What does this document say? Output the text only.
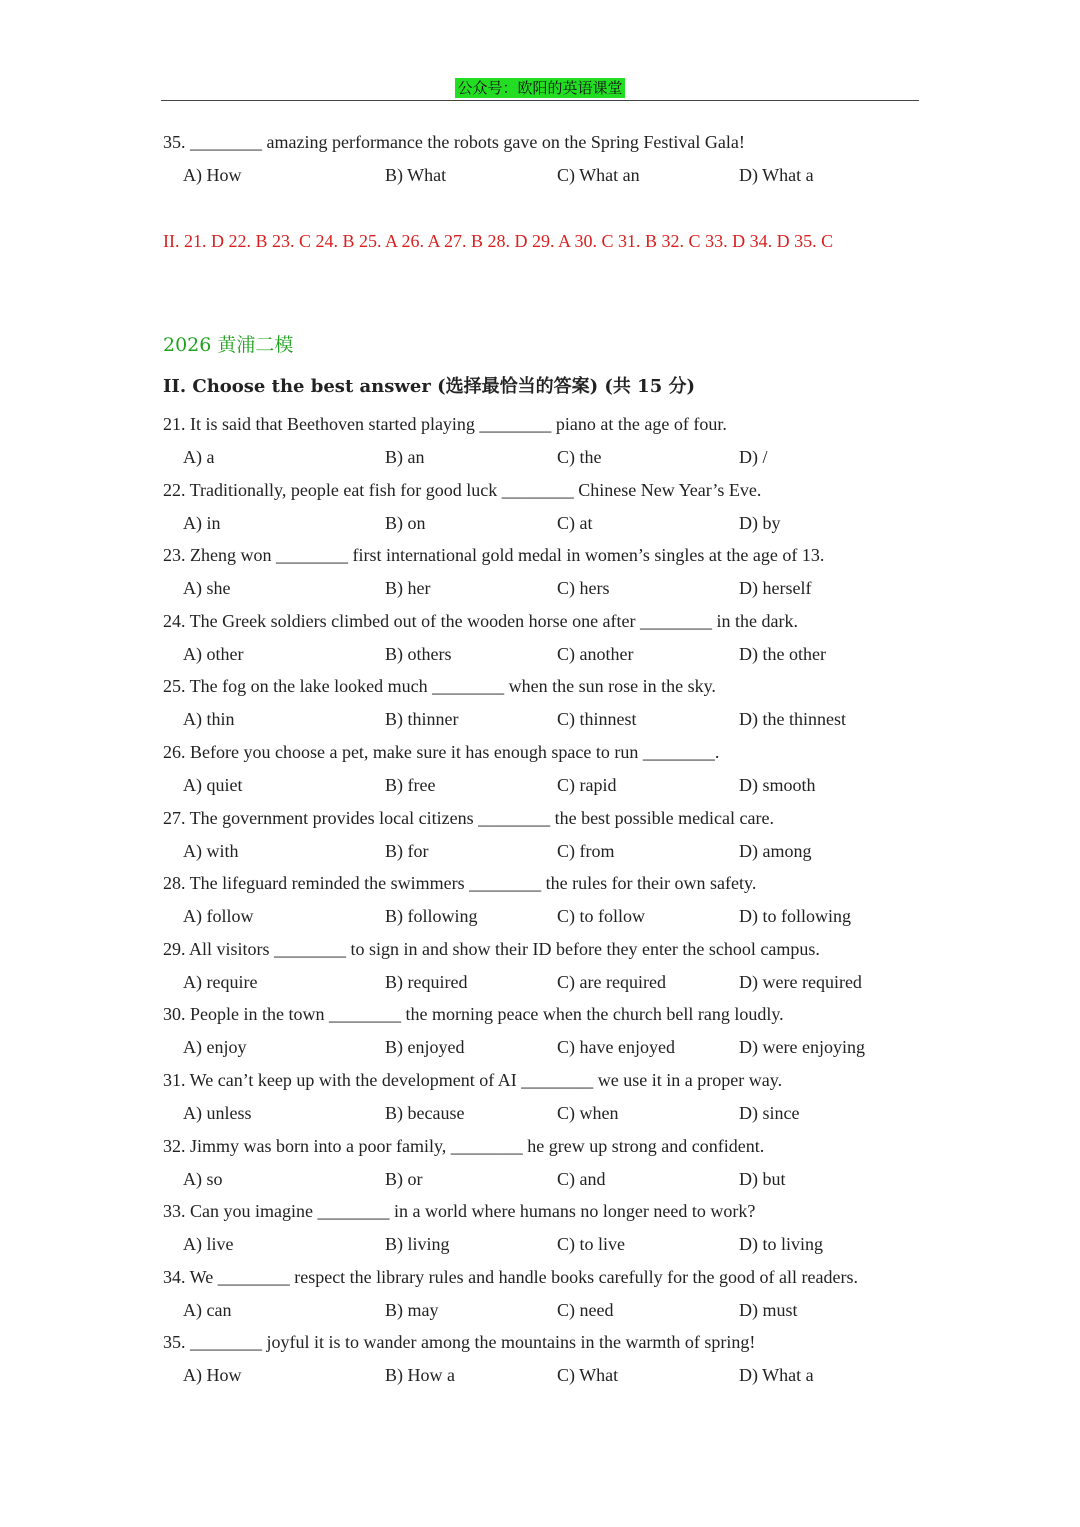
公众号：欧阳的英语课堂
35. ________ amazing performance the robots gave on the Spring Festival Gala!
A) How	B) What	C) What an	D) What a
II. 21. D 22. B 23. C 24. B 25. A 26. A 27. B 28. D 29. A 30. C 31. B 32. C 33. D 34. D 35. C
2026 黄浦二模
II. Choose the best answer (选择最恰当的答案) (共 15 分)
21. It is said that Beethoven started playing ________ piano at the age of four.
A) a	B) an	C) the	D) /
22. Traditionally, people eat fish for good luck ________ Chinese New Year’s Eve.
A) in	B) on	C) at	D) by
23. Zheng won ________ first international gold medal in women’s singles at the age of 13.
A) she	B) her	C) hers	D) herself
24. The Greek soldiers climbed out of the wooden horse one after ________ in the dark.
A) other	B) others	C) another	D) the other
25. The fog on the lake looked much ________ when the sun rose in the sky.
A) thin	B) thinner	C) thinnest	D) the thinnest
26. Before you choose a pet, make sure it has enough space to run ________.
A) quiet	B) free	C) rapid	D) smooth
27. The government provides local citizens ________ the best possible medical care.
A) with	B) for	C) from	D) among
28. The lifeguard reminded the swimmers ________ the rules for their own safety.
A) follow	B) following	C) to follow	D) to following
29. All visitors ________ to sign in and show their ID before they enter the school campus.
A) require	B) required	C) are required	D) were required
30. People in the town ________ the morning peace when the church bell rang loudly.
A) enjoy	B) enjoyed	C) have enjoyed	D) were enjoying
31. We can’t keep up with the development of AI ________ we use it in a proper way.
A) unless	B) because	C) when	D) since
32. Jimmy was born into a poor family, ________ he grew up strong and confident.
A) so	B) or	C) and	D) but
33. Can you imagine ________ in a world where humans no longer need to work?
A) live	B) living	C) to live	D) to living
34. We ________ respect the library rules and handle books carefully for the good of all readers.
A) can	B) may	C) need	D) must
35. ________ joyful it is to wander among the mountains in the warmth of spring!
A) How	B) How a	C) What	D) What a
